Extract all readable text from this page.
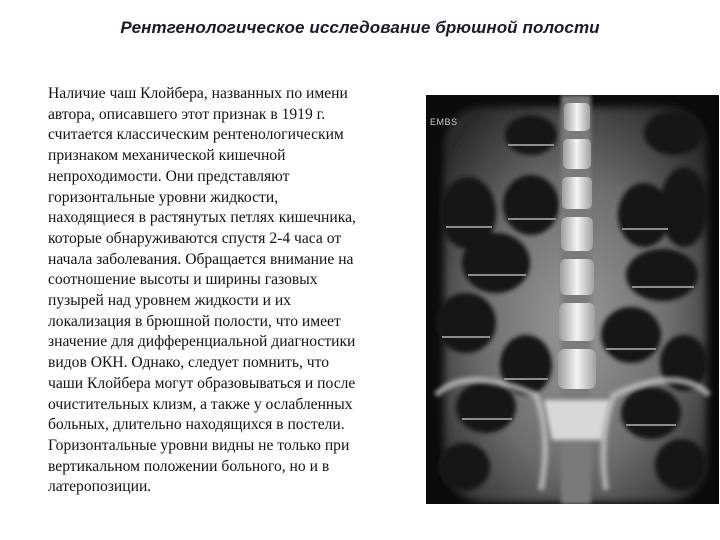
Рентгенологическое исследование брюшной полости
Наличие чаш Клойбера, названных по имени
автора, описавшего этот признак в 1919 г.
считается классическим рентенологическим
признаком механической кишечной
непроходимости. Они представляют
горизонтальные уровни жидкости,
находящиеся в растянутых петлях кишечника,
которые обнаруживаются спустя 2-4 часа от
начала заболевания. Обращается внимание на
соотношение высоты и ширины газовых
пузырей над уровнем жидкости и их
локализация в брюшной полости, что имеет
значение для дифференциальной диагностики
видов ОКН. Однако, следует помнить, что
чаши Клойбера могут образовываться и после
очистительных клизм, а также у ослабленных
больных, длительно находящихся в постели.
Горизонтальные уровни видны не только при
вертикальном положении больного, но и в
латеропозиции.
EMBS
